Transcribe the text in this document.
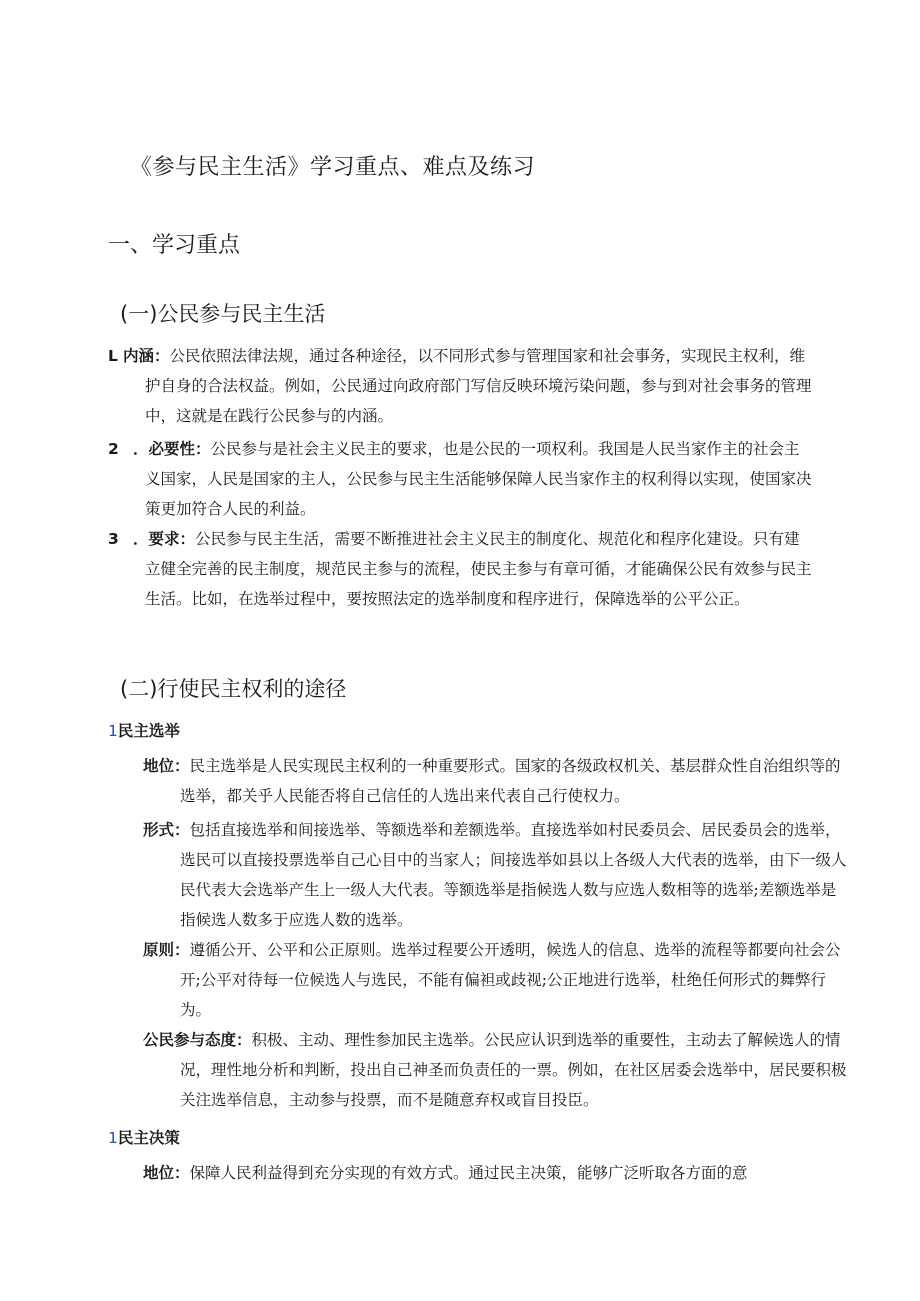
《参与民主生活》学习重点、难点及练习
一、学习重点
(一)公民参与民主生活
L 内涵：公民依照法律法规，通过各种途径，以不同形式参与管理国家和社会事务，实现民主权利，维护自身的合法权益。例如，公民通过向政府部门写信反映环境污染问题，参与到对社会事务的管理中，这就是在践行公民参与的内涵。
2 ．必要性：公民参与是社会主义民主的要求，也是公民的一项权利。我国是人民当家作主的社会主义国家，人民是国家的主人，公民参与民主生活能够保障人民当家作主的权利得以实现，使国家决策更加符合人民的利益。
3 ．要求：公民参与民主生活，需要不断推进社会主义民主的制度化、规范化和程序化建设。只有建立健全完善的民主制度，规范民主参与的流程，使民主参与有章可循，才能确保公民有效参与民主生活。比如，在选举过程中，要按照法定的选举制度和程序进行，保障选举的公平公正。
(二)行使民主权利的途径
1民主选举
地位：民主选举是人民实现民主权利的一种重要形式。国家的各级政权机关、基层群众性自治组织等的选举，都关乎人民能否将自己信任的人选出来代表自己行使权力。
形式：包括直接选举和间接选举、等额选举和差额选举。直接选举如村民委员会、居民委员会的选举，选民可以直接投票选举自己心目中的当家人；间接选举如县以上各级人大代表的选举，由下一级人民代表大会选举产生上一级人大代表。等额选举是指候选人数与应选人数相等的选举;差额选举是指候选人数多于应选人数的选举。
原则：遵循公开、公平和公正原则。选举过程要公开透明，候选人的信息、选举的流程等都要向社会公开;公平对待每一位候选人与选民，不能有偏袒或歧视;公正地进行选举，杜绝任何形式的舞弊行为。
公民参与态度：积极、主动、理性参加民主选举。公民应认识到选举的重要性，主动去了解候选人的情况，理性地分析和判断，投出自己神圣而负责任的一票。例如，在社区居委会选举中，居民要积极关注选举信息，主动参与投票，而不是随意弃权或盲目投臣。
1民主决策
地位：保障人民利益得到充分实现的有效方式。通过民主决策，能够广泛听取各方面的意
